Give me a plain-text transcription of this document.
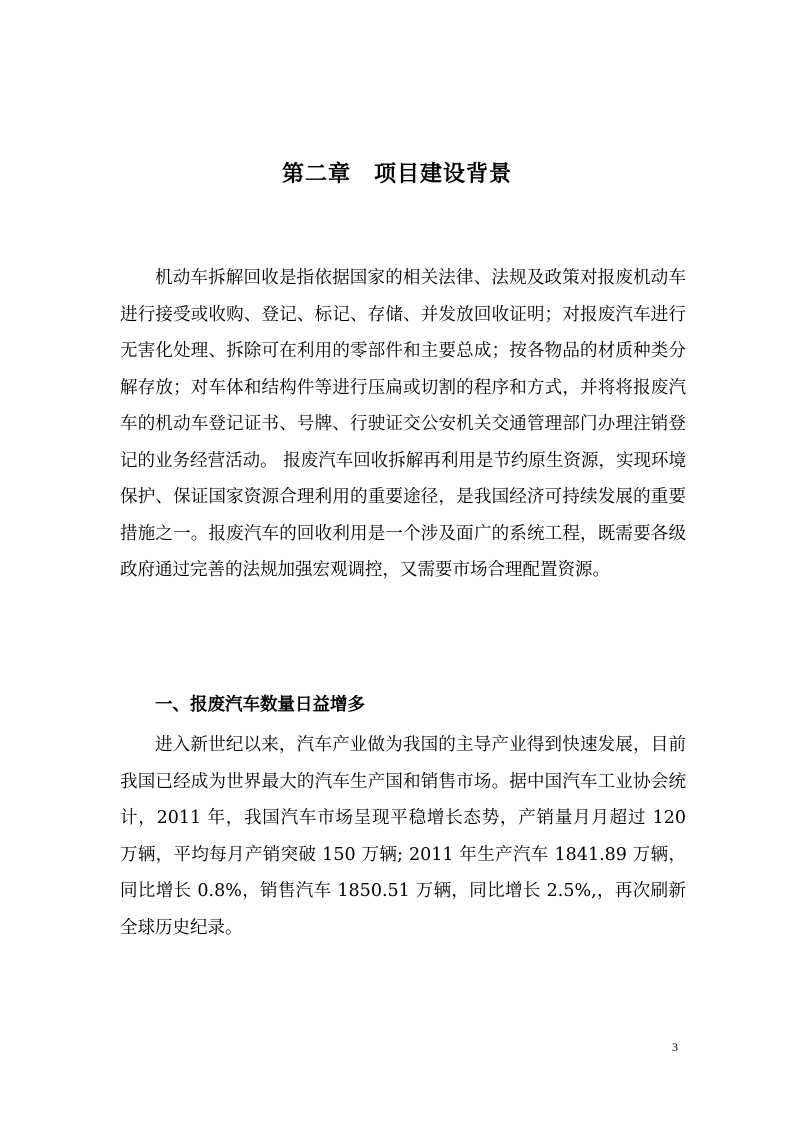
第二章　项目建设背景

机动车拆解回收是指依据国家的相关法律、法规及政策对报废机动车进行接受或收购、登记、标记、存储、并发放回收证明；对报废汽车进行无害化处理、拆除可在利用的零部件和主要总成；按各物品的材质种类分解存放；对车体和结构件等进行压扁或切割的程序和方式，并将将报废汽车的机动车登记证书、号牌、行驶证交公安机关交通管理部门办理注销登记的业务经营活动。 报废汽车回收拆解再利用是节约原生资源，实现环境保护、保证国家资源合理利用的重要途径，是我国经济可持续发展的重要措施之一。报废汽车的回收利用是一个涉及面广的系统工程，既需要各级政府通过完善的法规加强宏观调控，又需要市场合理配置资源。

一、报废汽车数量日益增多

进入新世纪以来，汽车产业做为我国的主导产业得到快速发展，目前我国已经成为世界最大的汽车生产国和销售市场。据中国汽车工业协会统计，2011 年，我国汽车市场呈现平稳增长态势，产销量月月超过 120 万辆，平均每月产销突破 150 万辆; 2011 年生产汽车 1841.89 万辆，同比增长 0.8%，销售汽车 1850.51 万辆，同比增长 2.5%,，再次刷新全球历史纪录。

3
